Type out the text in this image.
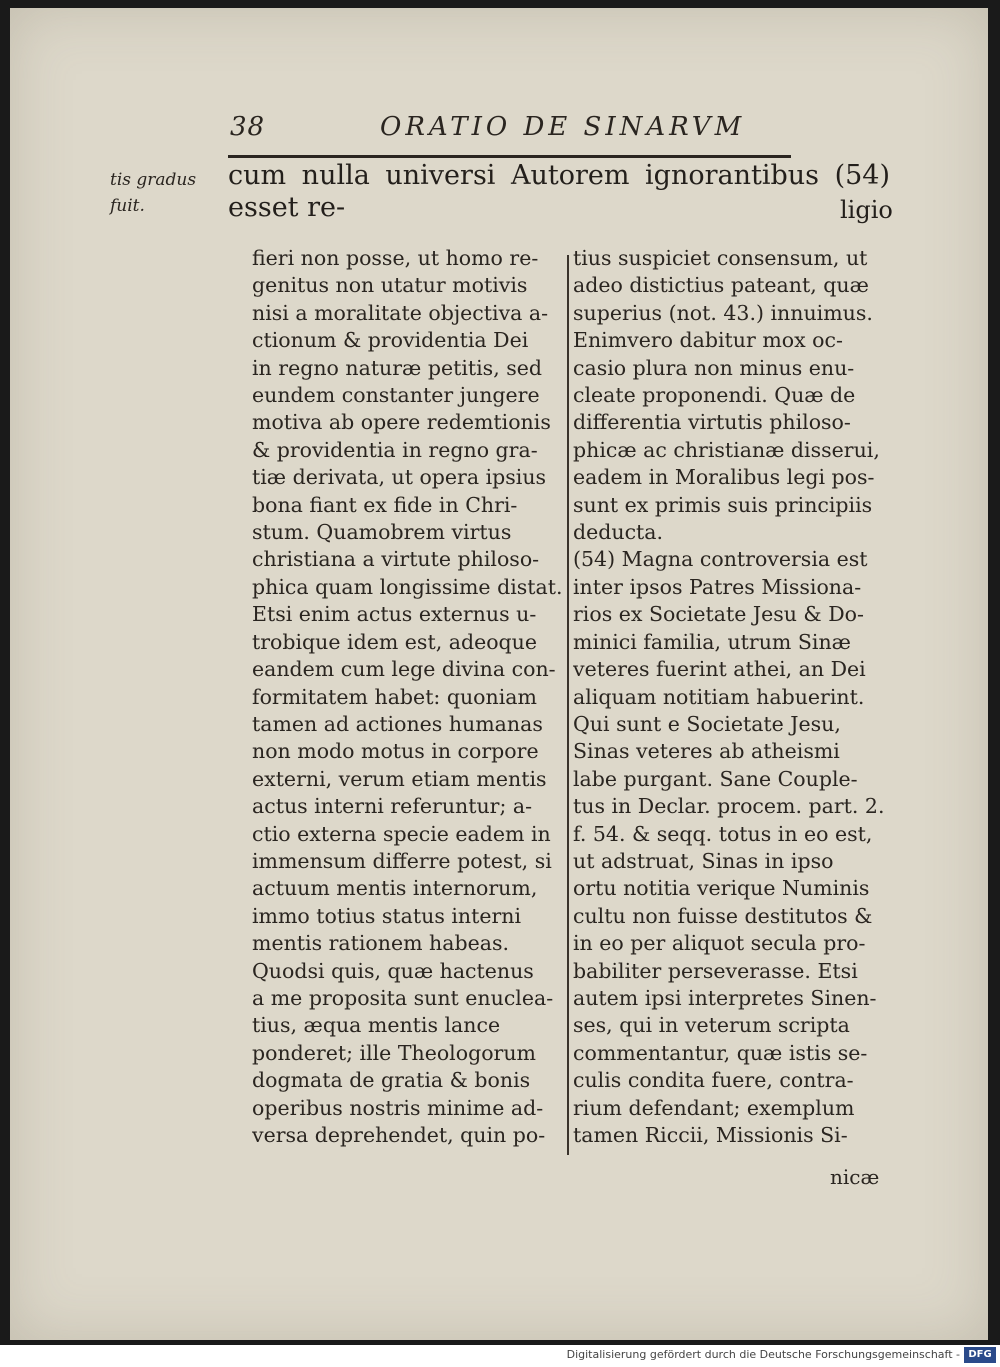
38	ORATIO DE SINARVM
tis gradus
fuit.
cum nulla universi Autorem ignorantibus (54) esset re-	ligio
fieri non posse, ut homo re-
genitus non utatur motivis
nisi a moralitate objectiva a-
ctionum & providentia Dei
in regno naturæ petitis, sed
eundem constanter jungere
motiva ab opere redemtionis
& providentia in regno gra-
tiæ derivata, ut opera ipsius
bona fiant ex fide in Chri-
stum. Quamobrem virtus
christiana a virtute philoso-
phica quam longissime distat.
Etsi enim actus externus u-
trobique idem est, adeoque
eandem cum lege divina con-
formitatem habet: quoniam
tamen ad actiones humanas
non modo motus in corpore
externi, verum etiam mentis
actus interni referuntur; a-
ctio externa specie eadem in
immensum differre potest, si
actuum mentis internorum,
immo totius status interni
mentis rationem habeas.
Quodsi quis, quæ hactenus
a me proposita sunt enuclea-
tius, æqua mentis lance
ponderet; ille Theologorum
dogmata de gratia & bonis
operibus nostris minime ad-
versa deprehendet, quin po-
tius suspiciet consensum, ut
adeo distictius pateant, quæ
superius (not. 43.) innuimus.
Enimvero dabitur mox oc-
casio plura non minus enu-
cleate proponendi. Quæ de
differentia virtutis philoso-
phicæ ac christianæ disserui,
eadem in Moralibus legi pos-
sunt ex primis suis principiis
deducta.
(54) Magna controversia est
inter ipsos Patres Missiona-
rios ex Societate Jesu & Do-
minici familia, utrum Sinæ
veteres fuerint athei, an Dei
aliquam notitiam habuerint.
Qui sunt e Societate Jesu,
Sinas veteres ab atheismi
labe purgant. Sane Couple-
tus in Declar. procem. part. 2.
f. 54. & seqq. totus in eo est,
ut adstruat, Sinas in ipso
ortu notitia verique Numinis
cultu non fuisse destitutos &
in eo per aliquot secula pro-
babiliter perseverasse. Etsi
autem ipsi interpretes Sinen-
ses, qui in veterum scripta
commentantur, quæ istis se-
culis condita fuere, contra-
rium defendant; exemplum
tamen Riccii, Missionis Si-
nicæ
Digitalisierung gefördert durch die Deutsche Forschungsgemeinschaft - DFG
